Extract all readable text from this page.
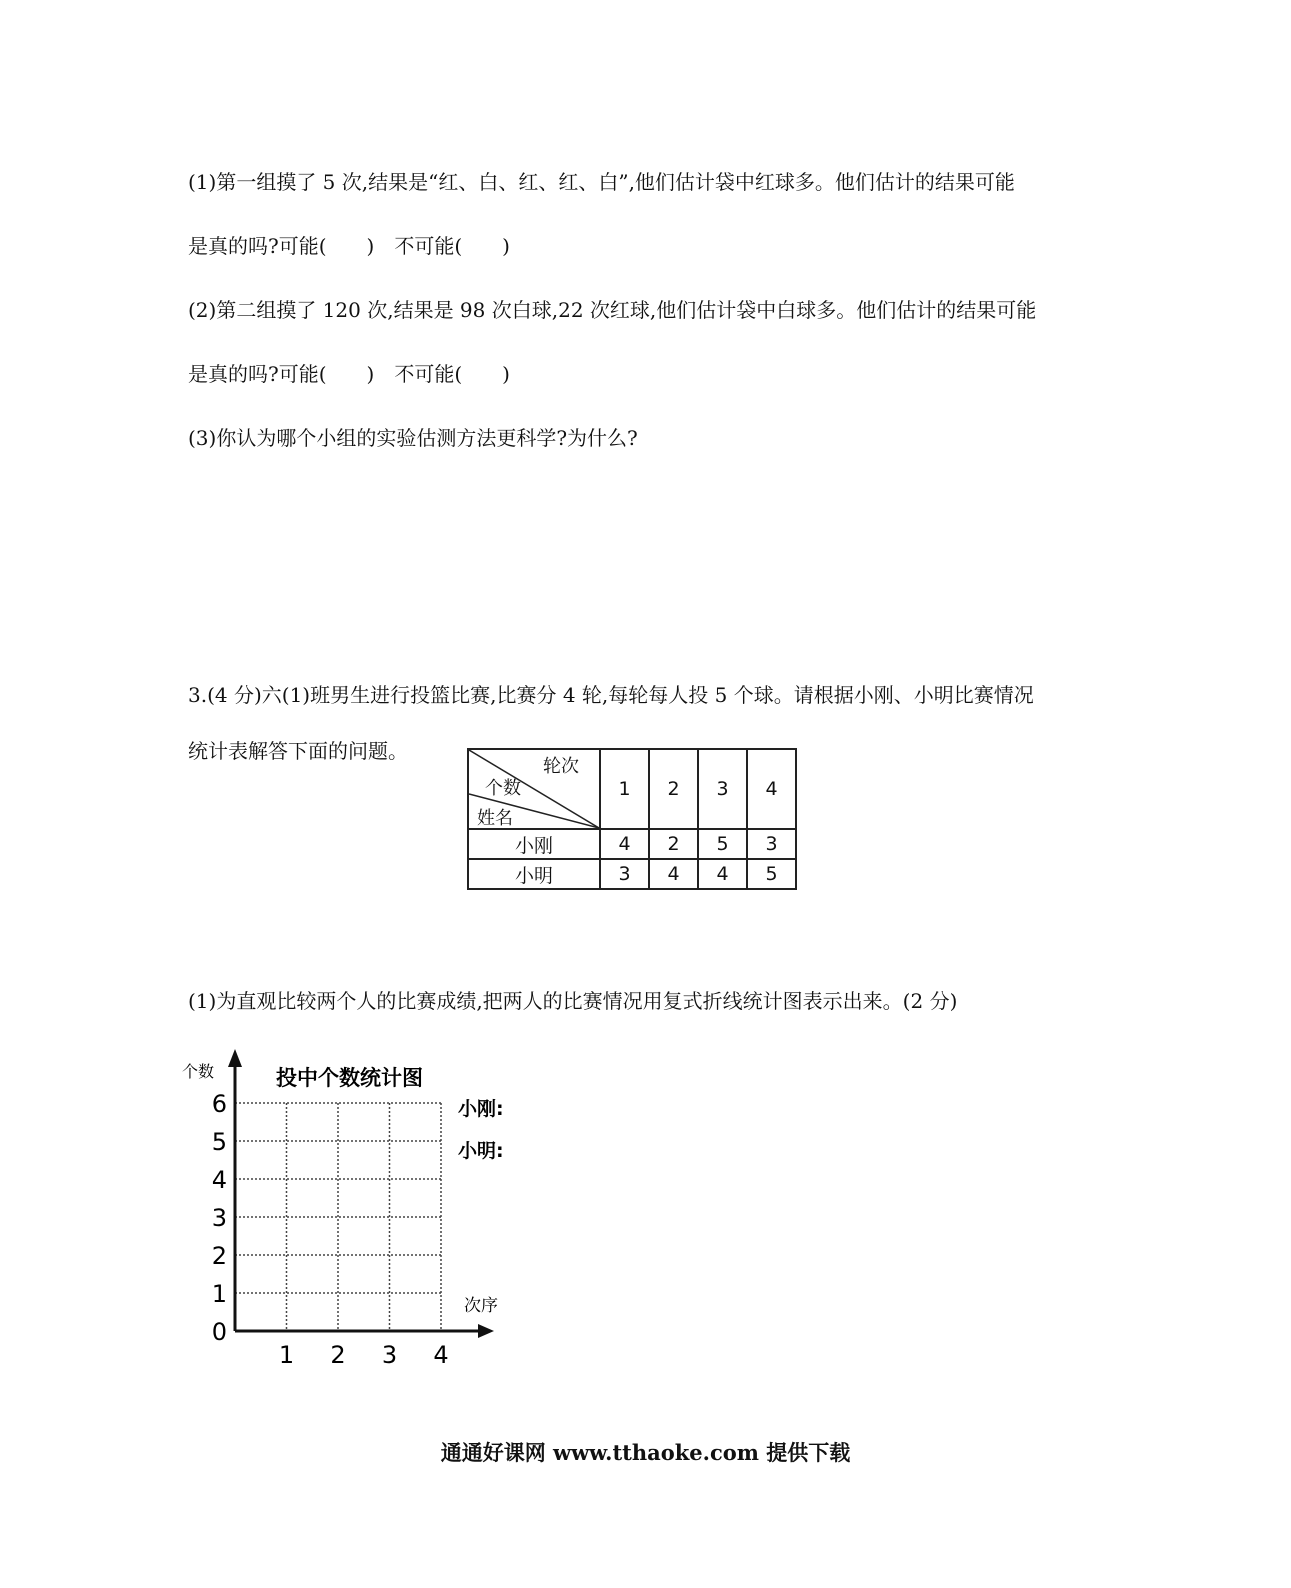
(1)第一组摸了 5 次,结果是“红、白、红、红、白”,他们估计袋中红球多。他们估计的结果可能
是真的吗?可能(　　)　不可能(　　)
(2)第二组摸了 120 次,结果是 98 次白球,22 次红球,他们估计袋中白球多。他们估计的结果可能
是真的吗?可能(　　)　不可能(　　)
(3)你认为哪个小组的实验估测方法更科学?为什么?
3.(4 分)六(1)班男生进行投篮比赛,比赛分 4 轮,每轮每人投 5 个球。请根据小刚、小明比赛情况
统计表解答下面的问题。
轮次
个数
姓名	1	2	3	4
小刚	4	2	5	3
小明	3	4	4	5
(1)为直观比较两个人的比赛成绩,把两人的比赛情况用复式折线统计图表示出来。(2 分)
0
1
2
3
4
5
6
1 2 3 4
投中个数统计图
个数
次序
小刚:
小明:
通通好课网 www.tthaoke.com 提供下载
